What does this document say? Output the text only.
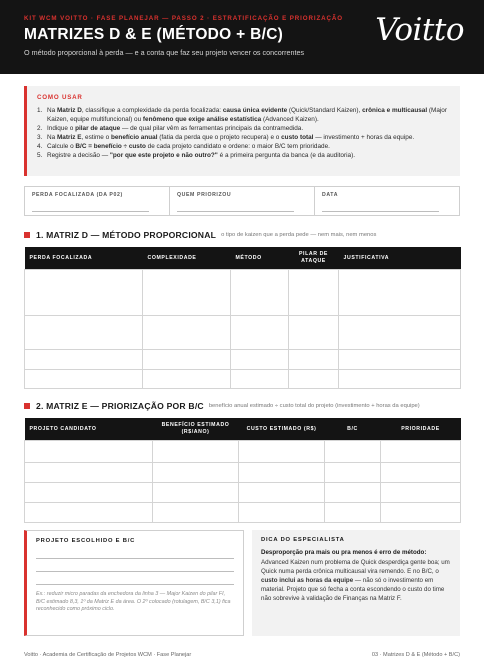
KIT WCM VOITTO · FASE PLANEJAR — PASSO 2 · ESTRATIFICAÇÃO E PRIORIZAÇÃO
MATRIZES D & E (MÉTODO + B/C)
O método proporcional à perda — e a conta que faz seu projeto vencer os concorrentes
Voitto
COMO USAR
1. Na Matriz D, classifique a complexidade da perda focalizada: causa única evidente (Quick/Standard Kaizen), crônica e multicausal (Major Kaizen, equipe multifuncional) ou fenômeno que exige análise estatística (Advanced Kaizen).
2. Indique o pilar de ataque — de qual pilar vêm as ferramentas principais da contramedida.
3. Na Matriz E, estime o benefício anual (fatia da perda que o projeto recupera) e o custo total — investimento + horas da equipe.
4. Calcule o B/C = benefício ÷ custo de cada projeto candidato e ordene: o maior B/C tem prioridade.
5. Registre a decisão — "por que este projeto e não outro?" é a primeira pergunta da banca (e da auditoria).
PERDA FOCALIZADA (DA P02)	QUEM PRIORIZOU	DATA
1. MATRIZ D — MÉTODO PROPORCIONAL o tipo de kaizen que a perda pede — nem mais, nem menos
PERDA FOCALIZADA	COMPLEXIDADE	MÉTODO	PILAR DE ATAQUE	JUSTIFICATIVA

2. MATRIZ E — PRIORIZAÇÃO POR B/C benefício anual estimado ÷ custo total do projeto (investimento + horas da equipe)
PROJETO CANDIDATO	BENEFÍCIO ESTIMADO (R$/ANO)	CUSTO ESTIMADO (R$)	B/C	PRIORIDADE

PROJETO ESCOLHIDO E B/C
Ex.: reduzir micro paradas da enchedora da linha 3 — Major Kaizen do pilar FI, B/C estimado 8,3, 1º da Matriz E da área. O 2º colocado (rotulagem, B/C 3,1) fica reconhecido como próximo ciclo.
DICA DO ESPECIALISTA
Desproporção pra mais ou pra menos é erro de método:
Advanced Kaizen num problema de Quick desperdiça gente boa; um Quick numa perda crônica multicausal vira remendo. E no B/C, o custo inclui as horas da equipe — não só o investimento em material. Projeto que só fecha a conta escondendo o custo do time não sobrevive à validação de Finanças na Matriz F.
Voitto · Academia de Certificação de Projetos WCM · Fase Planejar	03 · Matrizes D & E (Método + B/C)
